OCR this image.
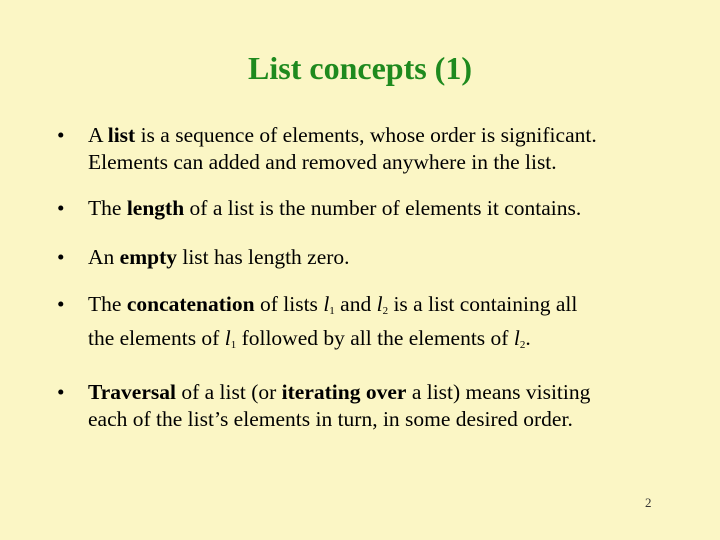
List concepts (1)
• A list is a sequence of elements, whose order is significant.
Elements can added and removed anywhere in the list.
• The length of a list is the number of elements it contains.
• An empty list has length zero.
• The concatenation of lists $l_1$ and $l_2$ is a list containing all
the elements of $l_1$ followed by all the elements of $l_2$.
• Traversal of a list (or iterating over a list) means visiting
each of the list’s elements in turn, in some desired order.
2
